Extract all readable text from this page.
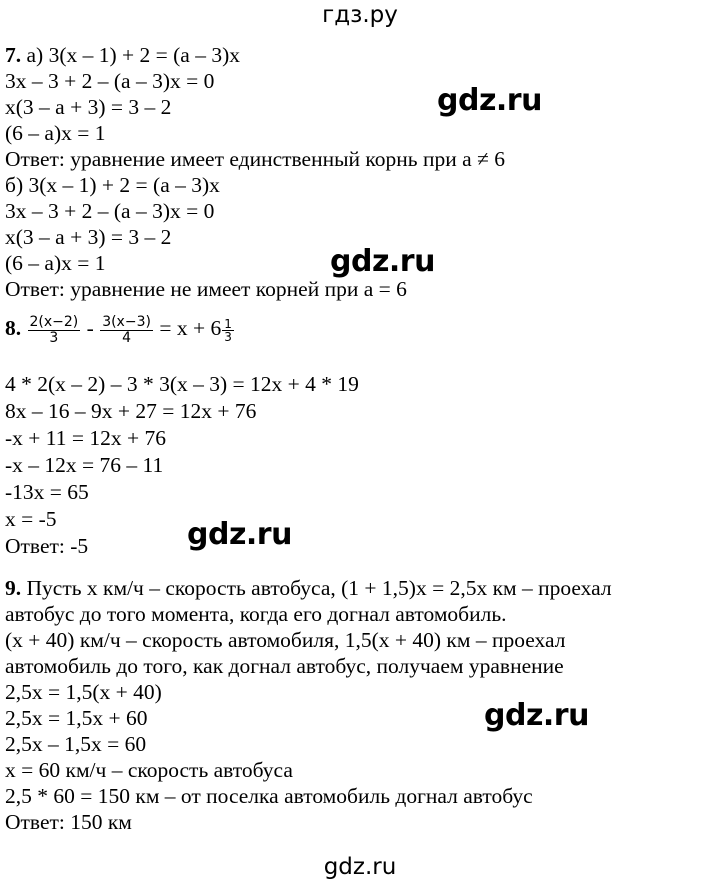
гдз.ру
7. а) 3(x – 1) + 2 = (a – 3)x
3x – 3 + 2 – (a – 3)x = 0
x(3 – a + 3) = 3 – 2
(6 – a)x = 1
Ответ: уравнение имеет единственный корнь при a ≠ 6
б) 3(x – 1) + 2 = (a – 3)x
3x – 3 + 2 – (a – 3)x = 0
x(3 – a + 3) = 3 – 2
(6 – a)x = 1
Ответ: уравнение не имеет корней при a = 6
8. $\frac{2(x-2)}{3} - \frac{3(x-3)}{4} = x + 6 \frac{1}{3}$
4 * 2(x – 2) – 3 * 3(x – 3) = 12x + 4 * 19
8x – 16 – 9x + 27 = 12x + 76
-x + 11 = 12x + 76
-x – 12x = 76 – 11
-13x = 65
x = -5
Ответ: -5
9. Пусть x км/ч – скорость автобуса, (1 + 1,5)x = 2,5x км – проехал
автобус до того момента, когда его догнал автомобиль.
(x + 40) км/ч – скорость автомобиля, 1,5(x + 40) км – проехал
автомобиль до того, как догнал автобус, получаем уравнение
2,5x = 1,5(x + 40)
2,5x = 1,5x + 60
2,5x – 1,5x = 60
x = 60 км/ч – скорость автобуса
2,5 * 60 = 150 км – от поселка автомобиль догнал автобус
Ответ: 150 км
gdz.ru
gdz.ru
gdz.ru
gdz.ru
gdz.ru
